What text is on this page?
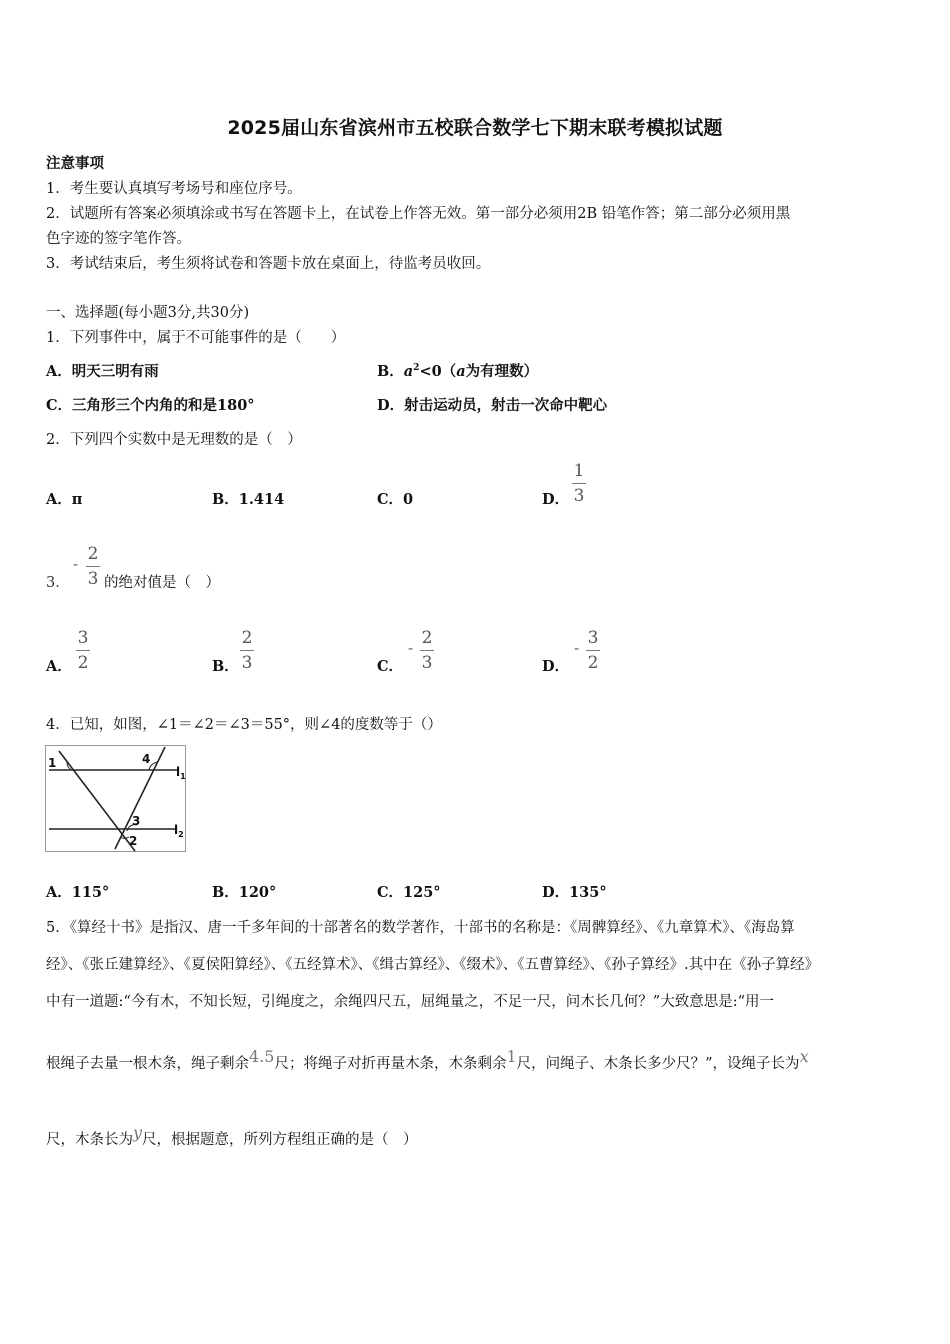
2025届山东省滨州市五校联合数学七下期末联考模拟试题
注意事项
1．考生要认真填写考场号和座位序号。
2．试题所有答案必须填涂或书写在答题卡上，在试卷上作答无效。第一部分必须用2B 铅笔作答；第二部分必须用黑
色字迹的签字笔作答。
3．考试结束后，考生须将试卷和答题卡放在桌面上，待监考员收回。
一、选择题(每小题3分,共30分)
1．下列事件中，属于不可能事件的是（　　）
A．明天三明有雨	B．$a^2<0(a$为有理数）
C．三角形三个内角的和是180°	D．射击运动员，射击一次命中靶心
2．下列四个实数中是无理数的是（　）
A．π	B．1.414	C．0	D．
1
3
3．
- 2
3 的绝对值是（　）
A．
3
2	B．
2
3	C．
- 2
3	D．
- 3
2
4．已知，如图，∠1＝∠2＝∠3＝55°，则∠4的度数等于（）
1	4
3
2
$l_1$
$l_2$
A．115°	B．120°	C．125°	D．135°
5．《算经十书》是指汉、唐一千多年间的十部著名的数学著作，十部书的名称是：《周髀算经》、《九章算术》、《海岛算
经》、《张丘建算经》、《夏侯阳算经》、《五经算术》、《缉古算经》、《缀术》、《五曹算经》、《孙子算经》.其中在《孙子算经》
中有一道题:“今有木，不知长短，引绳度之，余绳四尺五，屈绳量之，不足一尺，问木长几何？”大致意思是:“用一
根绳子去量一根木条，绳子剩余4.5尺；将绳子对折再量木条，木条剩余1尺，问绳子、木条长多少尺？”，设绳子长为x
尺，木条长为y尺，根据题意，所列方程组正确的是（　）
